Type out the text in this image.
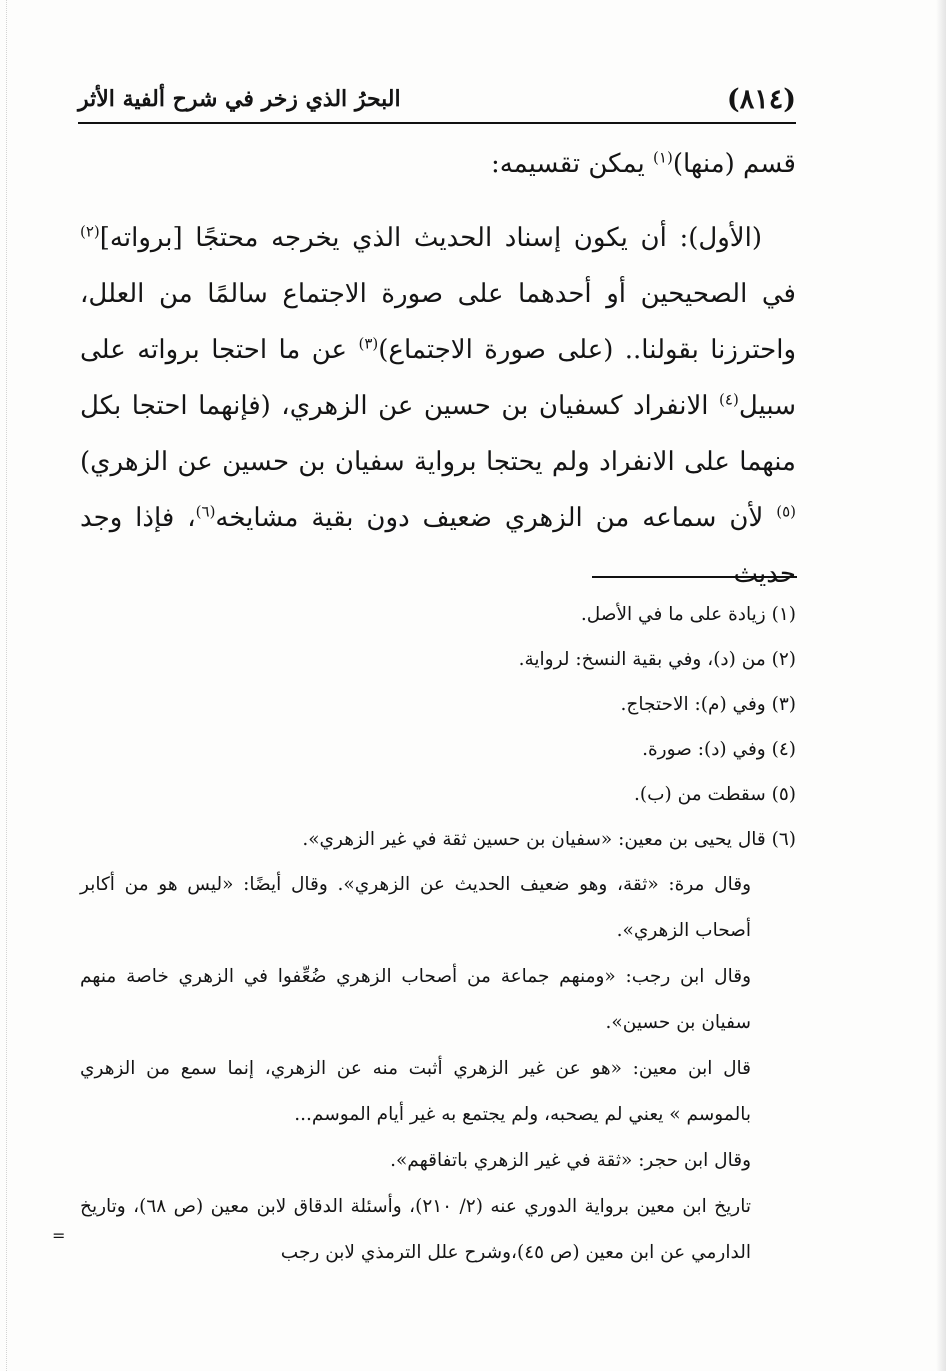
(٨١٤)
البحرُ الذي زخر في شرح ألفية الأثر

قسم (منها)$^{(١)}$ يمكن تقسيمه:

(الأول): أن يكون إسناد الحديث الذي يخرجه محتجًا [برواته]$^{(٢)}$ في الصحيحين أو أحدهما على صورة الاجتماع سالمًا من العلل، واحترزنا بقولنا.. (على صورة الاجتماع)$^{(٣)}$ عن ما احتجا برواته على سبيل$^{(٤)}$ الانفراد كسفيان بن حسين عن الزهري، (فإنهما احتجا بكل منهما على الانفراد ولم يحتجا برواية سفيان بن حسين عن الزهري)$^{(٥)}$ لأن سماعه من الزهري ضعيف دون بقية مشايخه$^{(٦)}$، فإذا وجد حديث

(١) زيادة على ما في الأصل.

(٢) من (د)، وفي بقية النسخ: لرواية.

(٣) وفي (م): الاحتجاج.

(٤) وفي (د): صورة.

(٥) سقطت من (ب).

(٦) قال يحيى بن معين: «سفيان بن حسين ثقة في غير الزهري».

وقال مرة: «ثقة، وهو ضعيف الحديث عن الزهري». وقال أيضًا: «ليس هو من أكابر أصحاب الزهري».

وقال ابن رجب: «ومنهم جماعة من أصحاب الزهري ضُعِّفوا في الزهري خاصة منهم سفيان بن حسين».

قال ابن معين: «هو عن غير الزهري أثبت منه عن الزهري، إنما سمع من الزهري بالموسم » يعني لم يصحبه، ولم يجتمع به غير أيام الموسم...

وقال ابن حجر: «ثقة في غير الزهري باتفاقهم».

تاريخ ابن معين برواية الدوري عنه (٢/ ٢١٠)، وأسئلة الدقاق لابن معين (ص ٦٨)، وتاريخ الدارمي عن ابن معين (ص ٤٥)،وشرح علل الترمذي لابن رجب

=
